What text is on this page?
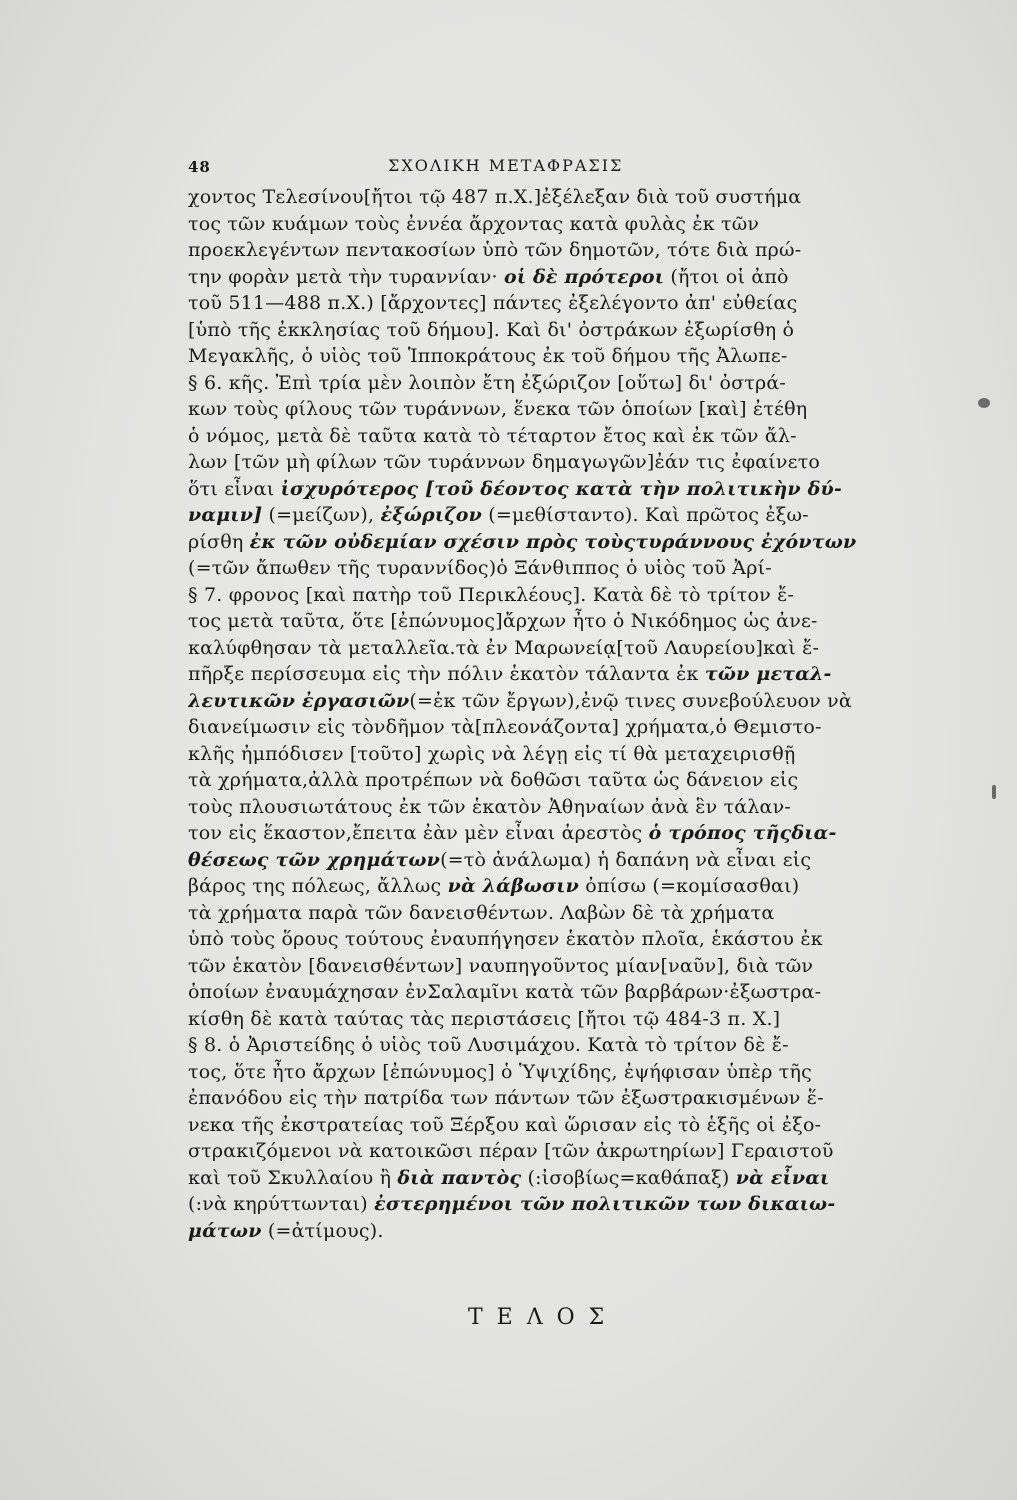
48	ΣΧΟΛΙΚΗ ΜΕΤΑΦΡΑΣΙΣ
χοντος Τελεσίνου[ἤτοι τῷ 487 π.Χ.]ἐξέλεξαν διὰ τοῦ συστήμα
τος τῶν κυάμων τοὺς ἐννέα ἄρχοντας κατὰ φυλὰς ἐκ τῶν
προεκλεγέντων πεντακοσίων ὑπὸ τῶν δημοτῶν, τότε διὰ πρώ-
την φορὰν μετὰ τὴν τυραννίαν· οἱ δὲ πρότεροι (ἤτοι οἱ ἀπὸ
τοῦ 511—488 π.Χ.) [ἄρχοντες] πάντες ἐξελέγοντο ἀπ' εὐθείας
[ὑπὸ τῆς ἐκκλησίας τοῦ δήμου]. Καὶ δι' ὀστράκων ἐξωρίσθη ὁ
Μεγακλῆς, ὁ υἱὸς τοῦ Ἱπποκράτους ἐκ τοῦ δήμου τῆς Ἀλωπε-
§ 6. κῆς. Ἐπὶ τρία μὲν λοιπὸν ἔτη ἐξώριζον [οὕτω] δι' ὀστρά-
κων τοὺς φίλους τῶν τυράννων, ἕνεκα τῶν ὁποίων [καὶ] ἐτέθη
ὁ νόμος, μετὰ δὲ ταῦτα κατὰ τὸ τέταρτον ἔτος καὶ ἐκ τῶν ἄλ-
λων [τῶν μὴ φίλων τῶν τυράννων δημαγωγῶν]ἐάν τις ἐφαίνετο
ὅτι εἶναι ἰσχυρότερος [τοῦ δέοντος κατὰ τὴν πολιτικὴν δύ-
ναμιν] (=μείζων), ἐξώριζον (=μεθίσταντο). Καὶ πρῶτος ἐξω-
ρίσθη ἐκ τῶν οὐδεμίαν σχέσιν πρὸς τοὺςτυράννους ἐχόντων
(=τῶν ἄπωθεν τῆς τυραννίδος)ὁ Ξάνθιππος ὁ υἱὸς τοῦ Ἀρί-
§ 7. φρονος [καὶ πατὴρ τοῦ Περικλέους]. Κατὰ δὲ τὸ τρίτον ἔ-
τος μετὰ ταῦτα, ὅτε [ἐπώνυμος]ἄρχων ἦτο ὁ Νικόδημος ὡς ἀνε-
καλύφθησαν τὰ μεταλλεῖα.τὰ ἐν Μαρωνείᾳ[τοῦ Λαυρείου]καὶ ἔ-
πῆρξε περίσσευμα εἰς τὴν πόλιν ἑκατὸν τάλαντα ἐκ τῶν μεταλ-
λευτικῶν ἐργασιῶν(=ἐκ τῶν ἔργων),ἐνῷ τινες συνεβούλευον νὰ
διανείμωσιν εἰς τὸνδῆμον τὰ[πλεονάζοντα] χρήματα,ὁ Θεμιστο-
κλῆς ἠμπόδισεν [τοῦτο] χωρὶς νὰ λέγῃ εἰς τί θὰ μεταχειρισθῇ
τὰ χρήματα,ἀλλὰ προτρέπων νὰ δοθῶσι ταῦτα ὡς δάνειον εἰς
τοὺς πλουσιωτάτους ἐκ τῶν ἑκατὸν Ἀθηναίων ἀνὰ ἓν τάλαν-
τον εἰς ἕκαστον,ἔπειτα ἐὰν μὲν εἶναι ἀρεστὸς ὁ τρόπος τῆςδια-
θέσεως τῶν χρημάτων(=τὸ ἀνάλωμα) ἡ δαπάνη νὰ εἶναι εἰς
βάρος της πόλεως, ἄλλως νὰ λάβωσιν ὀπίσω (=κομίσασθαι)
τὰ χρήματα παρὰ τῶν δανεισθέντων. Λαβὼν δὲ τὰ χρήματα
ὑπὸ τοὺς ὅρους τούτους ἐναυπήγησεν ἑκατὸν πλοῖα, ἑκάστου ἐκ
τῶν ἑκατὸν [δανεισθέντων] ναυπηγοῦντος μίαν[ναῦν], διὰ τῶν
ὁποίων ἐναυμάχησαν ἐνΣαλαμῖνι κατὰ τῶν βαρβάρων·ἐξωστρα-
κίσθη δὲ κατὰ ταύτας τὰς περιστάσεις [ἤτοι τῷ 484-3 π. Χ.]
§ 8. ὁ Ἀριστείδης ὁ υἱὸς τοῦ Λυσιμάχου. Κατὰ τὸ τρίτον δὲ ἔ-
τος, ὅτε ἦτο ἄρχων [ἐπώνυμος] ὁ Ὑψιχίδης, ἐψήφισαν ὑπὲρ τῆς
ἐπανόδου εἰς τὴν πατρίδα των πάντων τῶν ἐξωστρακισμένων ἕ-
νεκα τῆς ἐκστρατείας τοῦ Ξέρξου καὶ ὥρισαν εἰς τὸ ἑξῆς οἱ ἐξο-
στρακιζόμενοι νὰ κατοικῶσι πέραν [τῶν ἀκρωτηρίων] Γεραιστοῦ
καὶ τοῦ Σκυλλαίου ἢ διὰ παντὸς (:ἰσοβίως=καθάπαξ) νὰ εἶναι
(:νὰ κηρύττωνται) ἐστερημένοι τῶν πολιτικῶν των δικαιω-
μάτων (=ἀτίμους).
ΤΕΛΟΣ
